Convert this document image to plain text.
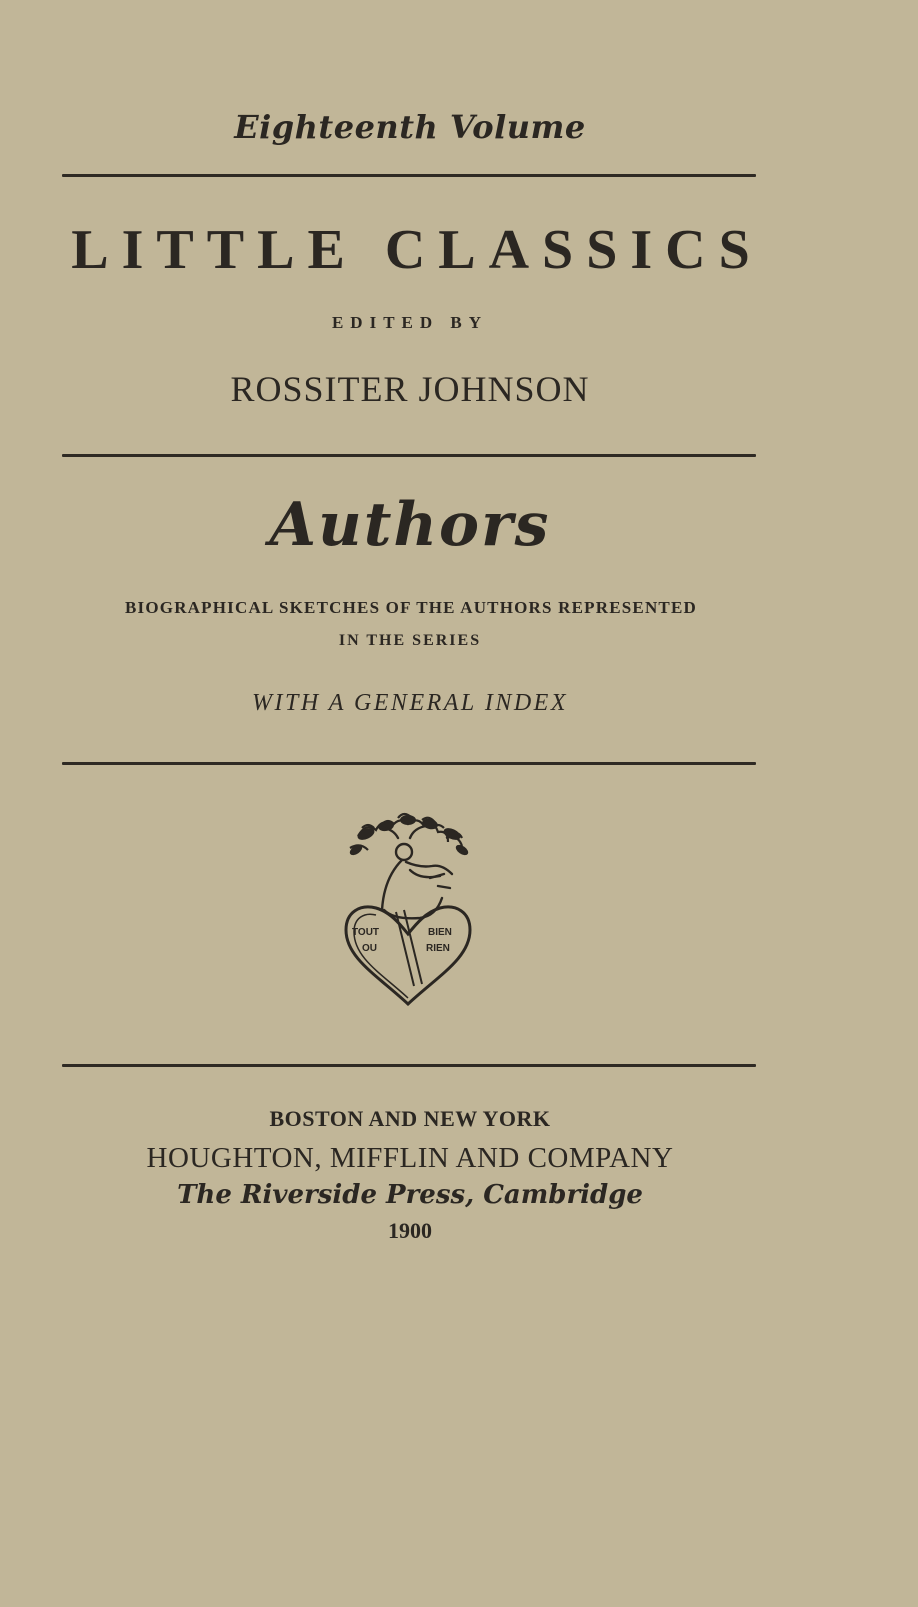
Eighteenth Volume

LITTLE CLASSICS

EDITED BY

ROSSITER JOHNSON

Authors

BIOGRAPHICAL SKETCHES OF THE AUTHORS REPRESENTED

IN THE SERIES

WITH A GENERAL INDEX

TOUT
OU
BIEN
RIEN

BOSTON AND NEW YORK

HOUGHTON, MIFFLIN AND COMPANY

The Riverside Press, Cambridge

1900
